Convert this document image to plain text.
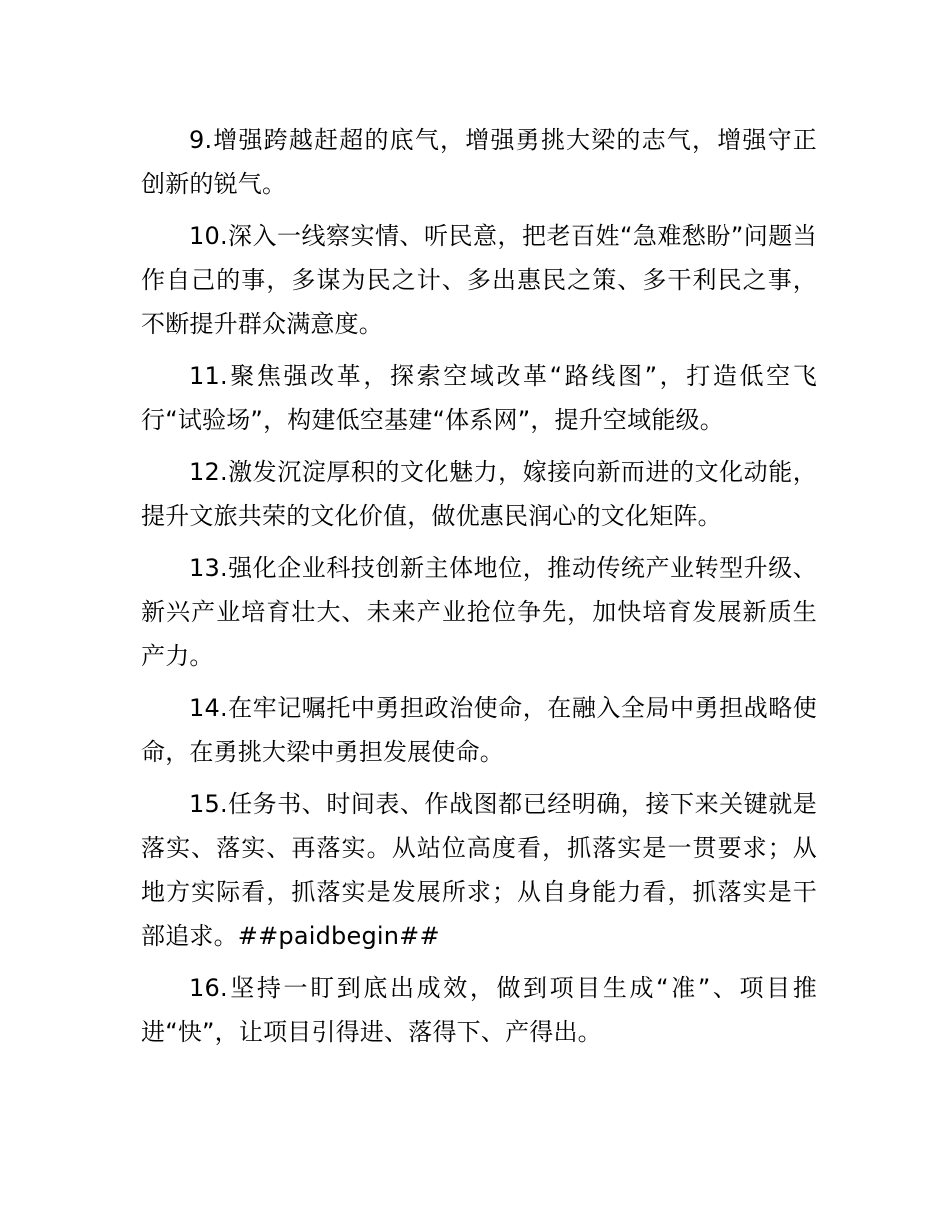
9.增强跨越赶超的底气，增强勇挑大梁的志气，增强守正创新的锐气。

10.深入一线察实情、听民意，把老百姓“急难愁盼”问题当作自己的事，多谋为民之计、多出惠民之策、多干利民之事，不断提升群众满意度。

11.聚焦强改革，探索空域改革“路线图”，打造低空飞行“试验场”，构建低空基建“体系网”，提升空域能级。

12.激发沉淀厚积的文化魅力，嫁接向新而进的文化动能，提升文旅共荣的文化价值，做优惠民润心的文化矩阵。

13.强化企业科技创新主体地位，推动传统产业转型升级、新兴产业培育壮大、未来产业抢位争先，加快培育发展新质生产力。

14.在牢记嘱托中勇担政治使命，在融入全局中勇担战略使命，在勇挑大梁中勇担发展使命。

15.任务书、时间表、作战图都已经明确，接下来关键就是落实、落实、再落实。从站位高度看，抓落实是一贯要求；从地方实际看，抓落实是发展所求；从自身能力看，抓落实是干部追求。##paidbegin##

16.坚持一盯到底出成效，做到项目生成“准”、项目推进“快”，让项目引得进、落得下、产得出。
